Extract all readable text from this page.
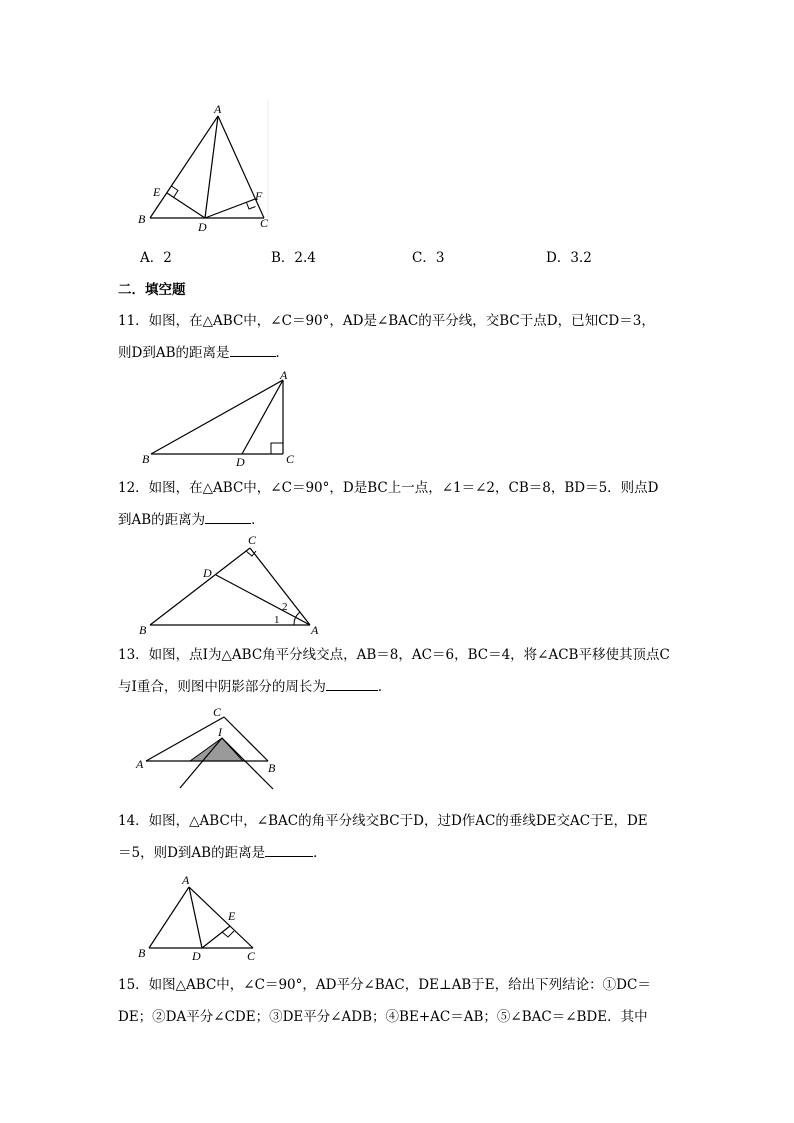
A
B	C
D
E	F
A．2	B．2.4	C．3	D．3.2
二．填空题
11．如图，在△ABC中，∠C＝90°，AD是∠BAC的平分线，交BC于点D，已知CD＝3，
则D到AB的距离是	．
A
B	C
D
12．如图，在△ABC中，∠C＝90°，D是BC上一点，∠1＝∠2，CB＝8，BD＝5．则点D
到AB的距离为	．
A
B
C
D
1
2
13．如图，点I为△ABC角平分线交点，AB＝8，AC＝6，BC＝4，将∠ACB平移使其顶点C
与I重合，则图中阴影部分的周长为	．
A	B
C
I
14．如图，△ABC中，∠BAC的角平分线交BC于D，过D作AC的垂线DE交AC于E，DE
＝5，则D到AB的距离是	．
A
B	C
D
E
15．如图△ABC中，∠C＝90°，AD平分∠BAC，DE⊥AB于E，给出下列结论：①DC＝
DE；②DA平分∠CDE；③DE平分∠ADB；④BE+AC＝AB；⑤∠BAC＝∠BDE．其中
